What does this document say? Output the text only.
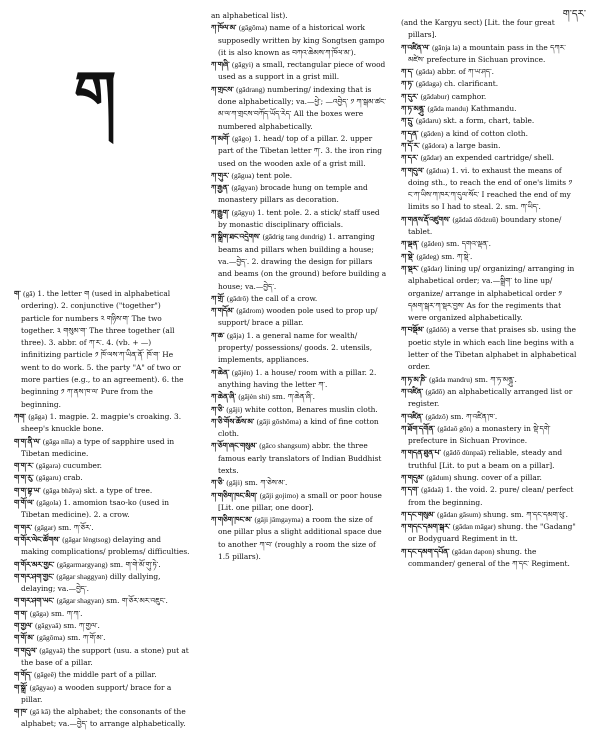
ག་དར་
ག

ག་ (gā) 1. the letter ག (used in alphabetical ordering). 2. conjunctive ("together") particle for numbers ༢ གཉིས་ག་ The two together. ༣ གསུམ་ག་ The three together (all three). 3. abbr. of ཀ་ར་. 4. (vb. + —) infinitizing particle ༡ ཁོ་ལས་ཀ་ཡིན་ནོ་ ཁོ་ག་ He went to do work. 5. the party "A" of two or more parties (e.g., to an agreement). 6. the beginning ༡ ཀ་ནས་ཁ་ལ་ Pure from the beginning.

ཀག་ (gāga) 1. magpie. 2. magpie's croaking. 3. sheep's knuckle bone.

ག་ག་ནི་ལ་ (gāga nīla) a type of sapphire used in Tibetan medicine.

ག་ག་ར་ (gāgara) cucumber.

ག་ག་རུ་ (gāgaru) crab.

ག་ག་བྷ་ཡ་ (gāga bhāya) skt. a type of tree.

ག་གོ་ལ་ (gāgola) 1. amomion tsao-ko (used in Tibetan medicine). 2. a crow.

ག་གར་ (gāgar) sm. ཀ་ཅོར་.

ག་གོར་ལེང་ཚོགས་ (gāgar lèngtsog) delaying and making complications/ problems/ difficulties.

ག་གོར་མར་གྱང་ (gāgarmargyang) sm. ག་གེ་མོ་གུ་ཏེ་.

ག་གར་ཤག་གྱང་ (gāgar shaggyan) dilly dallying, delaying; va.—བྱེད་.

ག་གར་ཤག་ཡང་ (gāgar shagyan) sm. ག་ཅོར་མར་འཇུང་.

ག་ག་ (gāga) sm. ཀ་ཀ་.

ག་གྱལ་ (gāgyaā) sm. ཀ་གྱལ་.

ག་གོ་མ་ (gāgōma) sm. ཀ་གོ་མ་.

ག་གདུལ་ (gāgyaā) the support (usu. a stone) put at the base of a pillar.

ག་གོད་ (gāgeē) the middle part of a pillar.

ག་སྒྲོ་ (gāgyao) a wooden support/ brace for a pillar.

ག་ཁ་ (gā kā) the alphabet; the consonants of the alphabet; va.—བྱེད་ to arrange alphabetically.

an alphabetical list).

ཀ་ཁོལ་མ་ (gāgōma) name of a historical work supposedly written by king Songtsen gampo (it is also known as བཀའ་ཆེམས་ཀ་ཁོལ་མ་).

ཀ་གཞི་ (gāgyi) a small, rectangular piece of wood used as a support in a grist mill.

ཀ་གྲངས་ (gādrang) numbering/ indexing that is done alphabetically; va.—ཕྱེ་; —འབྱེད་ ༡ ཀ་སྒམ་ཚང་མ་ལ་ཀ་གྲངས་བཀོད་ཡོད་རེད་ All the boxes were numbered alphabetically.

ཀ་མགོ་ (gāgo) 1. head/ top of a pillar. 2. upper part of the Tibetan letter ཀ་. 3. the iron ring used on the wooden axle of a grist mill.

ཀ་གུར་ (gāgua) tent pole.

ཀ་རྒྱན་ (gāgyan) brocade hung on temple and monastery pillars as decoration.

ཀ་རྒྱུག་ (gāgyu) 1. tent pole. 2. a stick/ staff used by monastic disciplinary officials.

ཀ་སྒྲིག་ཐང་འདྲེགས་ (gādrig tang dundrig) 1. arranging beams and pillars when building a house; va.—བྱེད་. 2. drawing the design for pillars and beams (on the ground) before building a house; va.—བྱེད་.

ཀ་གྲོ་ (gādrō) the call of a crow.

ཀ་གདོམ་ (gādrom) wooden pole used to prop up/ support/ brace a pillar.

ཀ་ཆ་ (gāja) 1. a general name for wealth/ property/ possessions/ goods. 2. utensils, implements, appliances.

ཀ་ཆེན་ (gājèn) 1. a house/ room with a pillar. 2. anything having the letter ཀ་.

ཀ་ཆེན་ཞི་ (gājèn shi) sm. ཀ་ཆེན་ཞི་.

ཀ་ཅི་ (gāji) white cotton, Benares muslin cloth.

ཀ་ཅི་གོས་ཆོས་མ་ (gāji gōshōma) a kind of fine cotton cloth.

ཀ་ཅོག་ཞང་གསུམ་ (gāco shangsum) abbr. the three famous early translators of Indian Buddhist texts.

ཀ་ཅི་ (gāji) sm. ཀ་ཅེས་མ་.

ཀ་གཅིག་ཁང་མིག་ (gāji gojimo) a small or poor house [Lit. one pillar, one door].

ཀ་གཅིག་ཁང་མ་ (gāji jāmgayma) a room the size of one pillar plus a slight additional space due to another ཀ་བ་ (roughly a room the size of 1.5 pillars).

(and the Kargyu sect) [Lit. the four great pillars].

ཀ་འཛིན་ལ་ (gānja la) a mountain pass in the དཀར་མཛེས་ prefecture in Sichuan province.

ཀ་ད་ (gāda) abbr. of ཀ་ཡ་ཤད་.

ཀ་ཏ་ (gādaga) ch. clarificant.

ཀ་དུར་ (gādabur) camphor.

ཀ་ཏ་མནྜུ་ (gāda mandu) Kathmandu.

ཀ་དྲུ་ (gādaru) skt. a form, chart, table.

ཀ་དན་ (gāden) a kind of cotton cloth.

ཀ་དོ་ར་ (gādora) a large basin.

ཀ་དར་ (gādar) an expended cartridge/ shell.

ཀ་གདུལ་ (gādua) 1. vi. to exhaust the means of doing sth., to reach the end of one's limits ༡ ང་ཀ་ཡིས་ཀ་ཁར་ཀ་དུལ་སོང་ I reached the end of my limits so I had to steal. 2. sm. ཀ་ཡིད་.

ཀ་གནས་རྡོ་འཛུགས་ (gādaā dōdzuū) boundary stone/ tablet.

ཀ་ལྡན་ (gāden) sm. དགའ་ལྡན་.

ཀ་སྡེ་ (gādeg) sm. ཀ་སྡེ་.

ཀ་སྡར་ (gādar) lining up/ organizing/ arranging in alphabetical order; va.—སྒྲིག་ to line up/ organize/ arrange in alphabetical order ༡ དམག་སྒར་ཀ་སྡར་བྱས་ As for the regiments that were organized alphabetically.

ཀ་བསྡོམ་ (gādōō) a verse that praises sb. using the poetic style in which each line begins with a letter of the Tibetan alphabet in alphabetical order.

ཀ་ཏ་མ་ཎི་ (gāda mandru) sm. ཀ་ཏ་མནྜུ་.

ཀ་འཛིན་ (gādō) an alphabetically arranged list or register.

ཀ་འཛིན་ (gādzō) sm. ཀ་འཛིན་ཁ་.

ཀ་ཐོག་དགོན་ (gādaō gōn) a monastery in སྡེ་དགེ་ prefecture in Sichuan Province.

ཀ་གདན་ཐུན་པ་ (gādō dùnpaā) reliable, steady and truthful [Lit. to put a beam on a pillar].

ཀ་གདུམ་ (gādum) shung. cover of a pillar.

ཀ་དག་ (gādaā) 1. the void. 2. pure/ clean/ perfect from the beginning.

ཀ་དང་གསུམ་ (gādan gāsum) shung. sm. ཀ་དང་དམག་ཕུ་.

ཀ་གདང་དམག་སྒར་ (gādan māgar) shung. the "Gadang" or Bodyguard Regiment in tt.

ཀ་དང་དམག་དཔོན་ (gādan dapon) shung. the commander/ general of the ཀ་དང་ Regiment.
